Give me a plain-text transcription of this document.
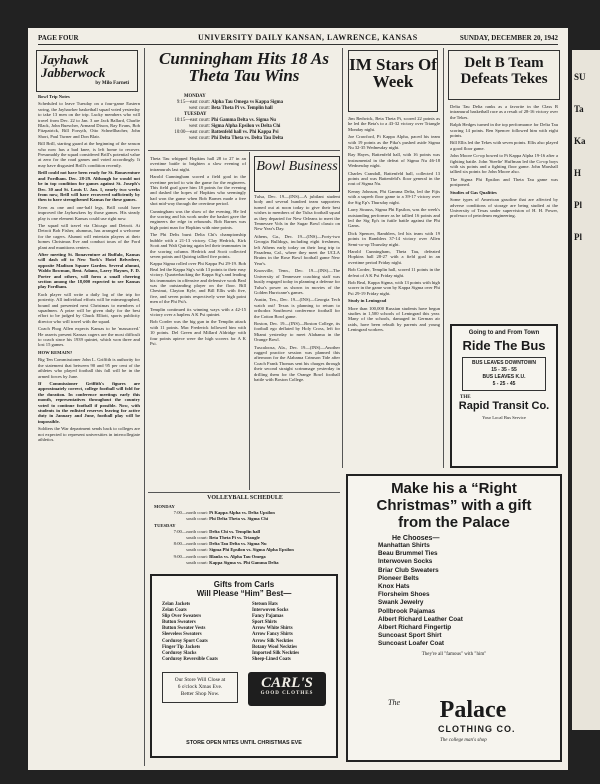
SU
Ta
Ka
H
Pl
Pl
PAGE FOUR	UNIVERSITY DAILY KANSAN, LAWRENCE, KANSAS	SUNDAY, DECEMBER 20, 1942
Jayhawk Jabberwock
by Milo Farneti

Bowl Trip Notes

Scheduled to leave Tuesday on a four-game Eastern swing, the Jayhawker basketball squad voted yesterday to take 13 men on the trip. Lucky members who will travel from Dec. 22 to Jan. 3 are Jack Ballard, Charlie Black, John Buescher, Armand Dixon, Ray Evans, Bob Fitzpatrick, Bill Forsyth, Otto Schnellbacher, John Short, Paul Turner and Don Blair.

Bill Brill, starting guard at the beginning of the season who now has a bad knee, is left home to recover. Presumably the squad considered Brill's potential value at zero for the road games and voted accordingly. It may have disgusted Brill's condition recently.

Brill could not have been ready for St. Bonaventure and Fordham. Dec. 28-29. Although he would not be in top condition for games against St. Joseph's Dec. 30 and St. Louis U. Jan. 1, nearly two weeks from now, Brill will have recovered sufficiently by then to have strengthened Kansas for these games.

Even as one and one-half legs, Brill could have improved the Jayhawkers by those games. His steady play is one element Kansas could use right now.

The squad will travel via Chicago and Detroit. At Detroit Bob Fisher, alumnus, has arranged a welcome for the cagers. Alumni will entertain players at their homes Christmas Eve and conduct tours of the Ford plant and munitions centers.

After meeting St. Bonaventure at Buffalo, Kansas will dash off to New York's Hotel Belvedere, opposite Madison Square Garden. Several alumni, Waldo Bowman, Bent. Adams, Larry Haynes, F. D. Porter and others, will form a small cheering section among the 18,000 expected to see Kansas play Fordham.

Each player will write a daily log of the trip for posterity. All individual efforts will be mimeographed, bound and presented next Christmas to members of squadmen. A prize will be given daily for the best effort to be judged by Chuck Elliott, sports publicity director who will travel with the squad.

Coach Phog Allen expects Kansas to be 'massacred.' He asserts present Kansas cagers are the most difficult to coach since his 1939 quintet, which won three and lost 15 games.

HOW REMAIN?

Big Ten Commissioner John L. Griffith is authority for the statement that between 90 and 95 per cent of the athletes who played football this fall will be in the armed forces by June.

If Commissioner Griffith's figures are approximately correct, college football will fold for the duration. In conference meetings early this month, representatives throughout the country voted to continue football if possible. Now, with students in the enlisted reserves leaving for active duty in January and June, football play will be impossible.

Soldiers the War department sends back to colleges are not expected to represent universities in intercollegiate athletics.

Cunningham Hits 18 As Theta Tau Wins
MONDAY
9:15—east court: Alpha Tau Omega vs Kappa Sigma
west court: Beta Theta Pi vs. Templin hall
TUESDAY
10:15—east court: Phi Gamma Delta vs. Sigma Nu
west court: Sigma Alpha Epsilon vs Delta Chi
10:00—east court: Battenfeld hall vs. Phi Kappa Psi
west court: Phi Delta Theta vs. Delta Tau Delta

Theta Tau whipped Hopkins hall 28 to 27 in an overtime battle to brighten a slow evening of intramurals last night.

Harold Cunningham scored a field goal in the overtime period to win the game for the engineers. This field goal gave him 18 points for the evening and dashed the hopes of Hopkins who seemingly had won the game when Bob Barnes made a free shot mid-way through the overtime period.

Cunningham was the show of the evening. He led the scoring and his work under the basket gave the engineers the edge in rebounds. Bob Barnes was high point man for Hopkins with nine points.

The Phi Delts burst Delta Chi's championship bubble with a 21-13 victory. Clay Hedrick, Kirk Scott and Walt Quiring again led their teammates in the scoring column. Hedrick and Scott collected seven points and Quiring tallied five points.

Kappa Sigma rolled over Phi Kappa Psi 29-19. Bob Beal led the Kappa Sig's with 13 points to their easy victory. Quarterbacking the Kappa Sig's and leading his teammates in offensive and defensive work Beal was the outstanding player on the floor. Bill Chestnut, Clayton Kyle, and Bill Ellis with five, five, and seven points respectively were high point men of the Phi Psi's.

Templin continued its winning ways with a 42-15 victory over a hapless A K Psi quintet.

Bob Corder was the big gun in the Templin attack with 11 points. Mac Frederick followed him with 10 points. Del Green and Millard Aldridge with four points apiece were the high scorers for A K Psi.

Bowl Business

Tulsa, Dec. 19—(INS)—A jubilant student body and several hundred team supporters turned out at noon today to give their best wishes to members of the Tulsa football squad as they departed for New Orleans to meet the Tennessee Vols in the Sugar Bowl classic on New Year's Day.

Athens, Ga., Dec. 19—(INS)—Forty-two Georgia Bulldogs, including eight freshmen, left Athens early today on their long trip to Pasadena, Cal., where they meet the UCLA Bruins in the Rose Bowl football game New Year's.

Knoxville, Tenn., Dec. 19—(INS)—The University of Tennessee coaching staff was busily engaged today in planning a defense for Tulsa's power as shown in movies of the Golden Hurricane's games.

Austin, Tex., Dec. 19—(INS)—Georgia Tech watch out! Texas is planning to return to orthodox Southwest conference football for the Cotton Bowl game.

Boston, Dec. 19—(INS)—Boston College, its football ego deflated by Holy Cross, left for Miami yesterday to meet Alabama in the Orange Bowl.

Tuscaloosa, Ala., Dec. 19—(INS)—Another rugged practice session was planned this afternoon for the Alabama Crimson Tide after Coach Frank Thomas sent his charges through their second straight scrimmage yesterday in drilling them for the Orange Bowl football battle with Boston College.

VOLLEYBALL SCHEDULE
MONDAY
7:00—north court: Pi Kappa Alpha vs. Delta Upsilon
south court: Phi Delta Theta vs. Sigma Chi
TUESDAY
7:00—north court: Delta Chi vs. Templin hall
south court: Beta Theta Pi vs. Triangle
8:00—north court: Delta Tau Delta vs. Sigma Nu
south court: Sigma Phi Epsilon vs. Sigma Alpha Epsilon
9:00—north court: Blanks vs. Alpha Tau Omega
south court: Kappa Sigma vs. Phi Gamma Delta
Gifts from Carls
Will Please “Him” Best—
Zelan Jackets
Zelan Coats
Slip Over Sweaters
Button Sweaters
Button Sweater Vests
Sleeveless Sweaters
Corduroy Sport Coats
Finger Tip Jackets
Corduroy Slacks
Corduroy Reversible Coats
Stetson Hats
Interwoven Socks
Fancy Pajamas
Sport Shirts
Arrow White Shirts
Arrow Fancy Shirts
Arrow Silk Neckties
Botany Wool Neckties
Imported Silk Neckties
Sheep-Lined Coats
Our Store Will Close at
6 o'clock Xmas Eve.
Better Shop Now.
CARL'S
GOOD CLOTHES
STORE OPEN NITES UNTIL CHRISTMAS EVE
IM Stars Of Week

Jim Redwick, Beta Theta Pi, scored 22 points as he led the Beta's to a 43-32 victory over Triangle Monday night.

Joe Crawford, Pi Kappa Alpha, paced his team with 19 points as the Pika's pushed aside Sigma Nu 32-35 Wednesday night.

Ray Hayes, Battenfeld hall, with 16 points was instrumental in the defeat of Sigma Nu 46-18 Wednesday night.

Charles Crandall, Battenfeld hall, collected 13 points and was Battenfeld's floor general in the rout of Sigma Nu.

Kenny Johnson, Phi Gamma Delta, led the Fijis with a superb floor game to a 39-17 victory over the Sig Ep's Thursday night.

Larry Strauss, Sigma Phi Epsilon, was the week's outstanding performer as he tallied 16 points and led the Sig Ep's in futile battle against the Phi Gams.

Dick Spencer, Ramblers, led his team with 19 points in Ramblers 37-14 victory over Allen Semi-co-op Thursday night.

Harold Cunningham, Theta Tau, defeated Hopkins hall 28-27 with a field goal in an overtime period Friday night.

Bob Corder, Templin hall, scored 11 points in the defeat of A K Psi Friday night.

Bob Beal, Kappa Sigma, with 13 points with high scorer in the game won by Kappa Sigma over Phi Psi 29-19 Friday night.

Study in Leningrad

More than 100,000 Russian students have begun studies in 1,500 schools of Leningrad this year. Many of the schools, damaged in German air raids, have been rebuilt by parents and young Leningrad workers.

Delt B Team Defeats Tekes

Delta Tau Delta ranks as a favorite in the Class B intramural basketball race as a result of 28-16 victory over the Tekes.

Ralph Hedges turned in the top performance for Delta Tau scoring 14 points. Ben Spencer followed him with eight points.

Bill Ellis led the Tekes with seven points. Ellis also played a good floor game.

John Moore Co-op bowed to Pi Kappa Alpha 19-16 after a fighting battle. John 'Steelie' Huffman led the Co-op boys with six points and a fighting floor game. John Marshall tallied six points for John Moore also.

The Sigma Phi Epsilon and Theta Tau game was postponed.

Studies of Gas Qualities

Some types of American gasoline that are affected by adverse conditions of storage are being studied at the University of Texas under supervision of H. H. Power, professor of petroleum engineering.

Going to and From Town
Ride The Bus
BUS LEAVES DOWNTOWN
15 - 35 - 55
BUS LEAVES K.U.
5 - 25 - 45
THE
Rapid Transit Co.
Your Local Bus Service
Make his a “Right
Christmas” with a gift
from the Palace
He Chooses—
Manhattan Shirts
Beau Brummel Ties
Interwoven Socks
Briar Club Sweaters
Pioneer Belts
Knox Hats
Florsheim Shoes
Swank Jewelry
Pollbrook Pajamas
Albert Richard Leather Coat
Albert Richard Fingertip
Suncoast Sport Shirt
Suncoast Loafer Coat
They're all "famous" with "him"
The	Palace
CLOTHING CO.
The college man's shop
